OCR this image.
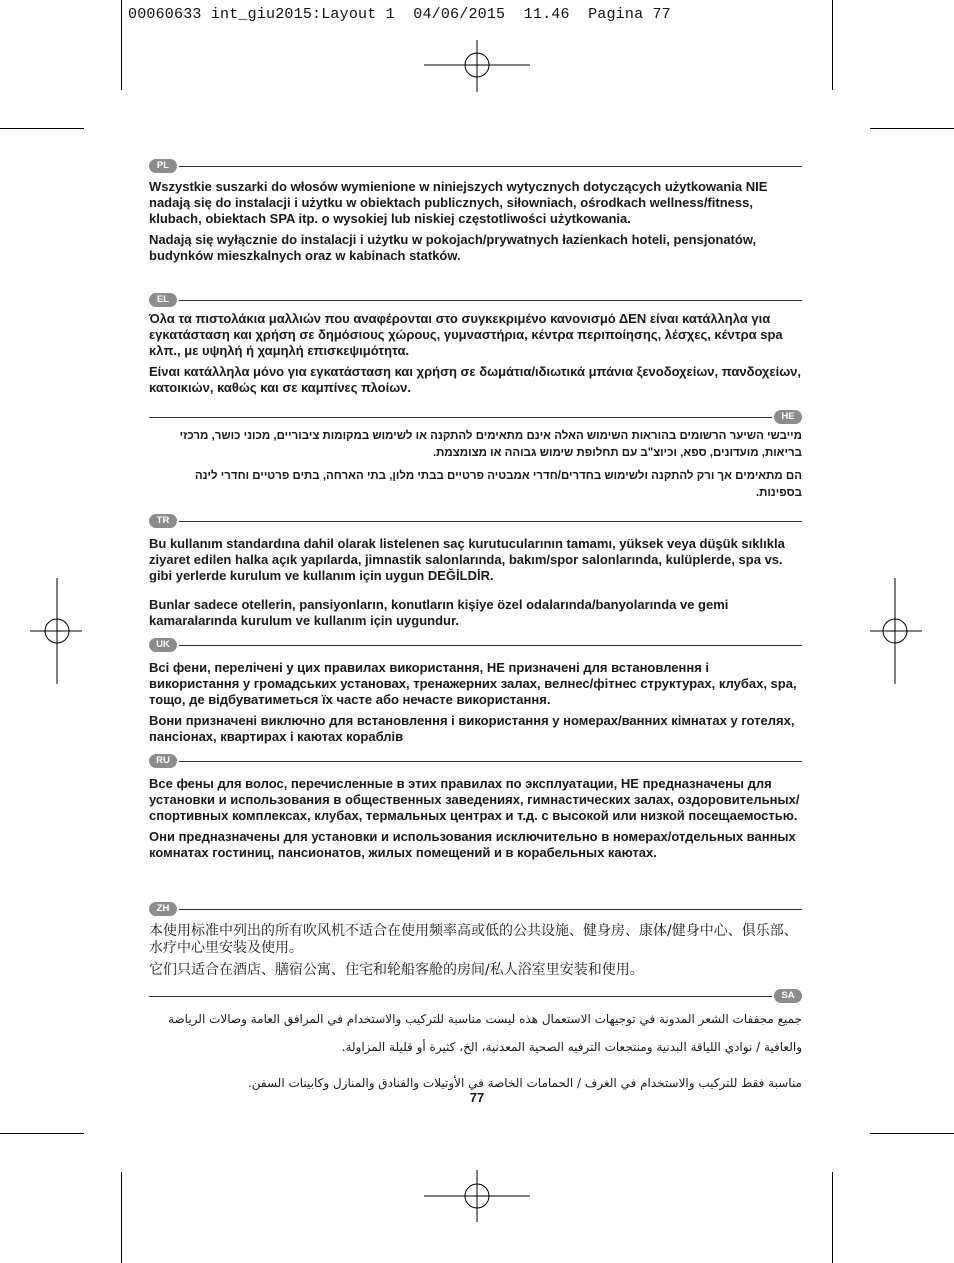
00060633 int_giu2015:Layout 1  04/06/2015  11.46  Pagina 77
PL

Wszystkie suszarki do włosów wymienione w niniejszych wytycznych dotyczących użytkowania NIE nadają się do instalacji i użytku w obiektach publicznych, siłowniach, ośrodkach wellness/fitness, klubach, obiektach SPA itp. o wysokiej lub niskiej częstotliwości użytkowania.

Nadają się wyłącznie do instalacji i użytku w pokojach/prywatnych łazienkach hoteli, pensjonatów, budynków mieszkalnych oraz w kabinach statków.

EL

Όλα τα πιστολάκια μαλλιών που αναφέρονται στο συγκεκριμένο κανονισμό ΔΕΝ είναι κατάλληλα για εγκατάσταση και χρήση σε δημόσιους χώρους, γυμναστήρια, κέντρα περιποίησης, λέσχες, κέντρα spa κλπ., με υψηλή ή χαμηλή επισκεψιμότητα.

Είναι κατάλληλα μόνο για εγκατάσταση και χρήση σε δωμάτια/ιδιωτικά μπάνια ξενοδοχείων, πανδοχείων, κατοικιών, καθώς και σε καμπίνες πλοίων.

HE

מייבשי השיער הרשומים בהוראות השימוש האלה אינם מתאימים להתקנה או לשימוש במקומות ציבוריים, מכוני כושר, מרכזי בריאות, מועדונים, ספא, וכיוצ"ב עם תחלופת שימוש גבוהה או מצומצמת.

הם מתאימים אך ורק להתקנה ולשימוש בחדרים/חדרי אמבטיה פרטיים בבתי מלון, בתי הארחה, בתים פרטיים וחדרי לינה בספינות.

TR

Bu kullanım standardına dahil olarak listelenen saç kurutucularının tamamı, yüksek veya düşük sıklıkla ziyaret edilen halka açık yapılarda, jimnastik salonlarında, bakım/spor salonlarında, kulüplerde, spa vs. gibi yerlerde kurulum ve kullanım için uygun DEĞİLDİR.

Bunlar sadece otellerin, pansiyonların, konutların kişiye özel odalarında/banyolarında ve gemi kamaralarında kurulum ve kullanım için uygundur.

UK

Всі фени, перелічені у цих правилах використання, НЕ призначені для встановлення і використання у громадських установах, тренажерних залах, велнес/фітнес структурах, клубах, spa, тощо, де відбуватиметься їх часте або нечасте використання.

Вони призначені виключно для встановлення і використання у номерах/ванних кімнатах у готелях, пансіонах, квартирах і каютах кораблів

RU

Все фены для волос, перечисленные в этих правилах по эксплуатации, НЕ предназначены для установки и использования в общественных заведениях, гимнастических залах, оздоровительных/спортивных комплексах, клубах, термальных центрах и т.д. с высокой или низкой посещаемостью.

Они предназначены для установки и использования исключительно в номерах/отдельных ванных комнатах гостиниц, пансионатов, жилых помещений и в корабельных каютах.

ZH

本使用标准中列出的所有吹风机不适合在使用频率高或低的公共设施、健身房、康体/健身中心、俱乐部、水疗中心里安装及使用。

它们只适合在酒店、膳宿公寓、住宅和轮船客舱的房间/私人浴室里安装和使用。

SA

جميع مجففات الشعر المدونة في توجيهات الاستعمال هذه ليست مناسبة للتركيب والاستخدام في المرافق العامة وصالات الرياضة والعافية / نوادي اللياقة البدنية ومنتجعات الترفيه الصحية المعدنية، الخ، كثيرة أو قليلة المزاولة.

مناسبة فقط للتركيب والاستخدام في الغرف / الحمامات الخاصة في الأوتيلات والفنادق والمنازل وكابينات السفن.

77
